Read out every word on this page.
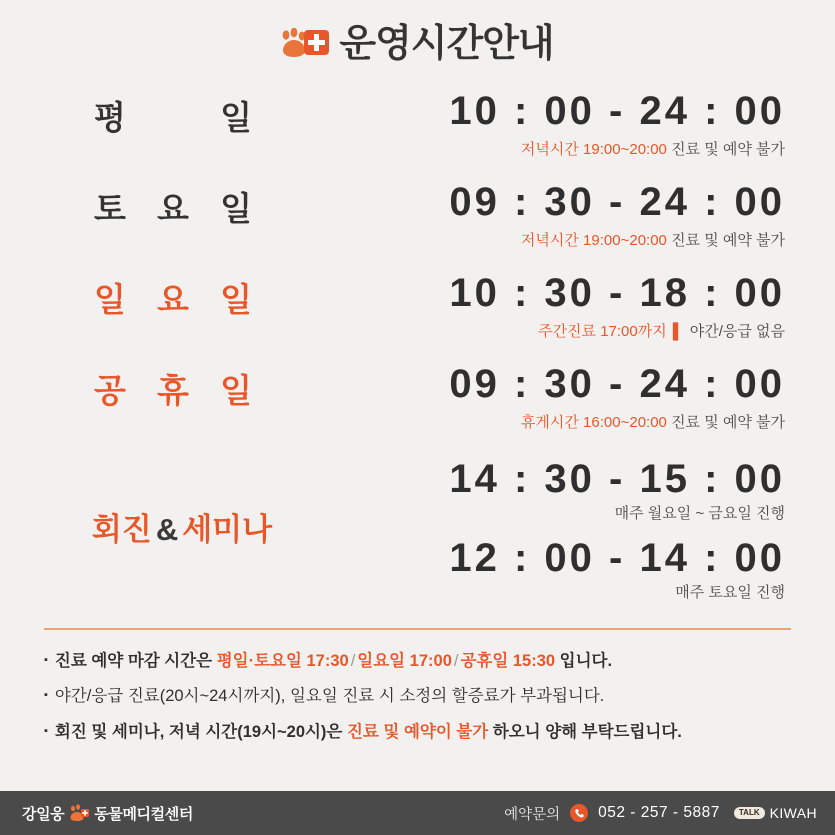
운영시간안내
평	일	10 : 00 - 24 : 00
저녁시간 19:00~20:00 진료 및 예약 불가
토 요 일	09 : 30 - 24 : 00
저녁시간 19:00~20:00 진료 및 예약 불가
일 요 일	10 : 30 - 18 : 00
주간진료 17:00까지 ▌ 야간/응급 없음
공 휴 일	09 : 30 - 24 : 00
휴게시간 16:00~20:00 진료 및 예약 불가
회진 & 세미나
14 : 30 - 15 : 00
매주 월요일 ~ 금요일 진행
12 : 00 - 14 : 00
매주 토요일 진행
▪ 진료 예약 마감 시간은 평일·토요일 17:30 / 일요일 17:00 / 공휴일 15:30 입니다.
▪ 야간/응급 진료(20시~24시까지), 일요일 진료 시 소정의 할증료가 부과됩니다.
▪ 회진 및 세미나, 저녁 시간(19시~20시)은 진료 및 예약이 불가 하오니 양해 부탁드립니다.
강일웅 동물메디컬센터	예약문의 052 - 257 - 5887	TALK KIWAH
